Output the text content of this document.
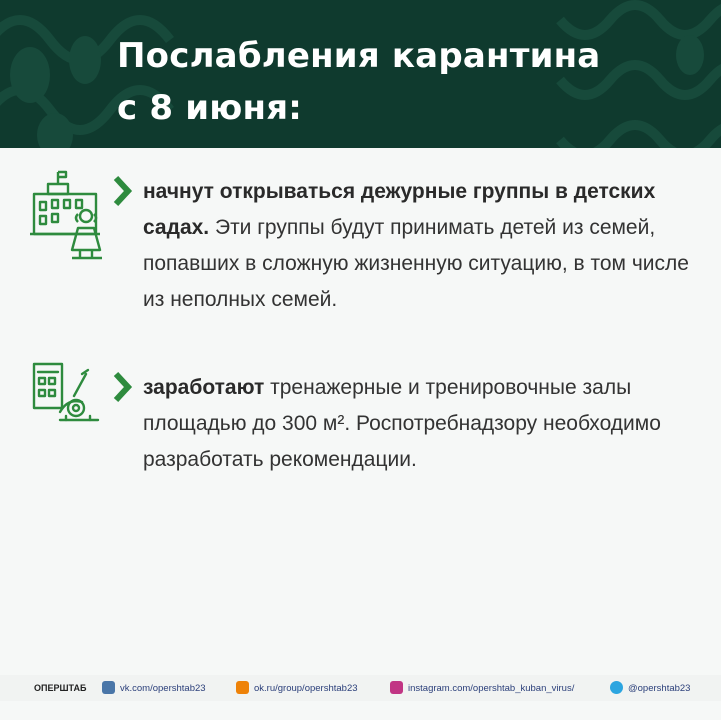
Послабления карантина
с 8 июня:

начнут открываться дежурные группы в детских садах. Эти группы будут принимать детей из семей, попавших в сложную жизненную ситуацию, в том числе из неполных семей.

заработают тренажерные и тренировочные залы площадью до 300 м². Роспотребнадзору необходимо разработать рекомендации.

ОПЕРШТАБ	vk.com/opershtab23	ok.ru/group/opershtab23	instagram.com/opershtab_kuban_virus/	@opershtab23
